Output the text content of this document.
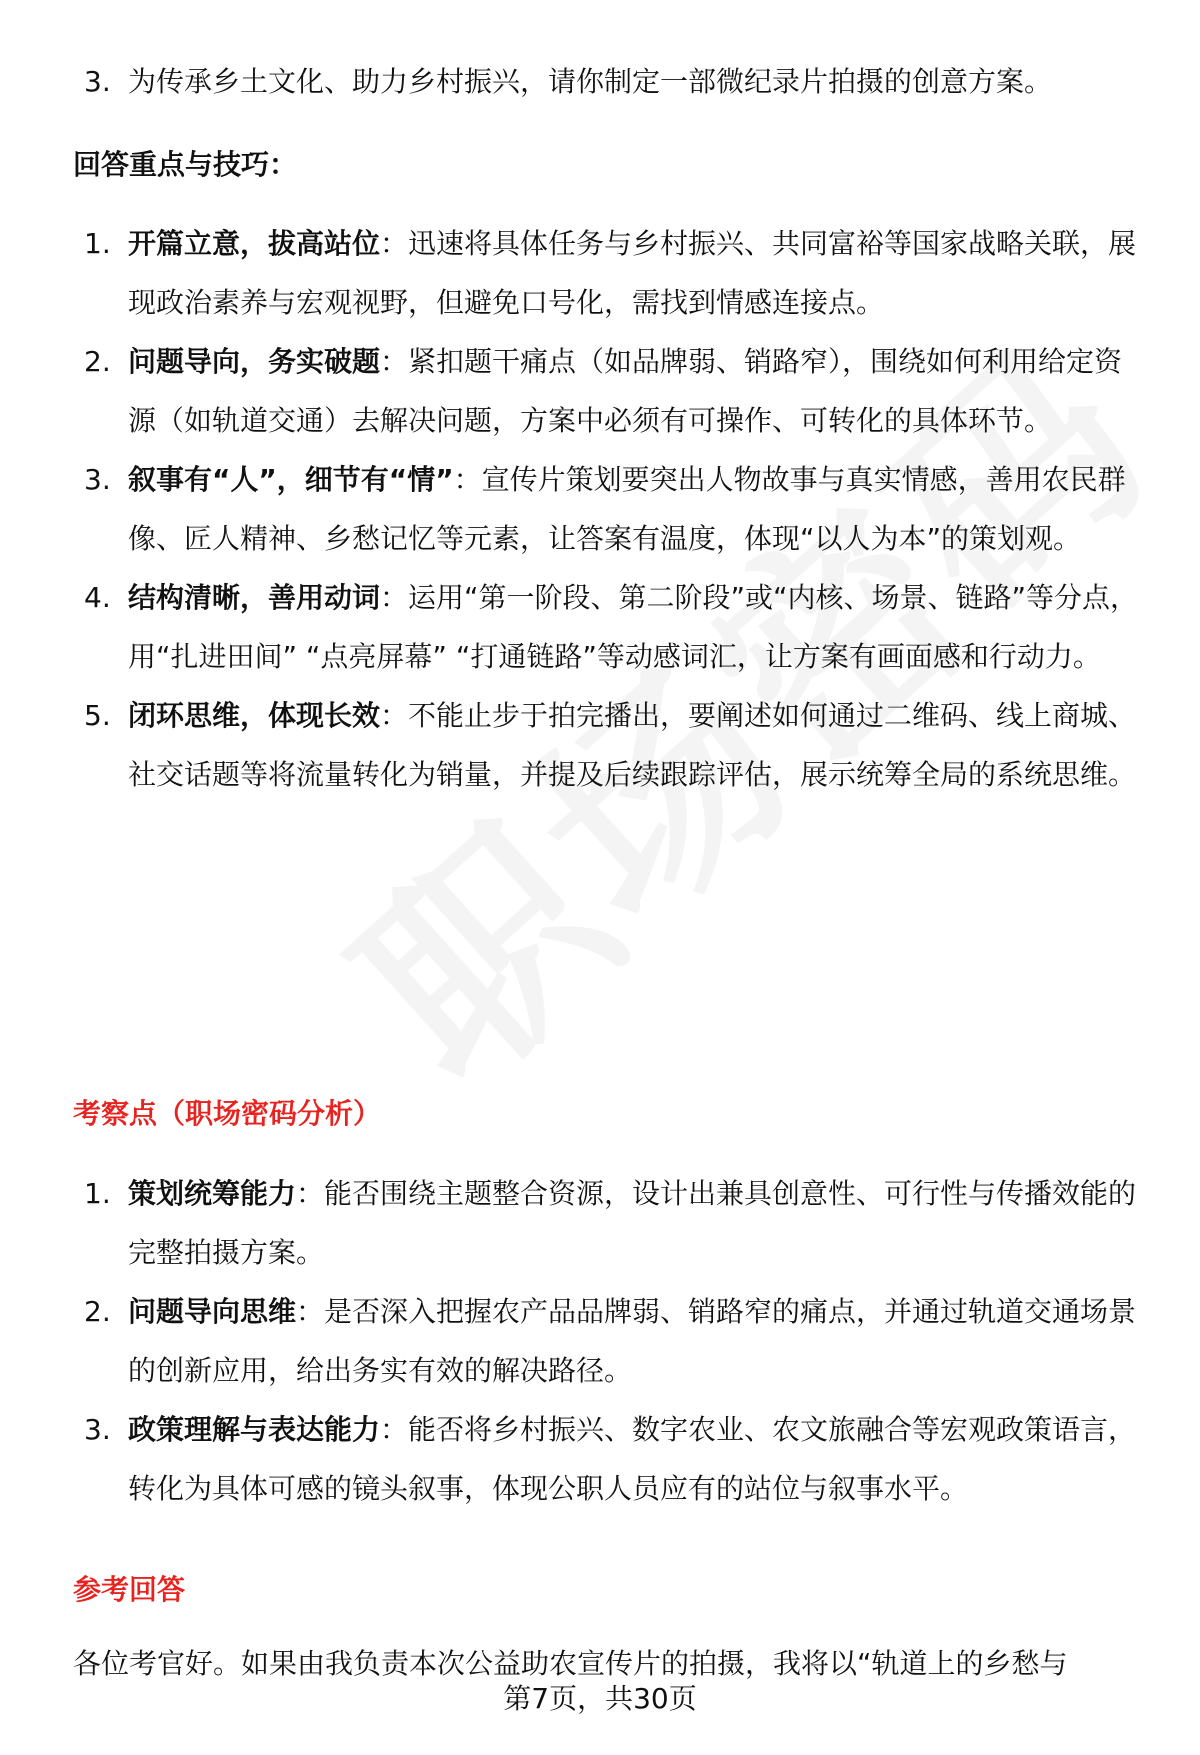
3. 为传承乡土文化、助力乡村振兴，请你制定一部微纪录片拍摄的创意方案。
回答重点与技巧：
1. 开篇立意，拔高站位：迅速将具体任务与乡村振兴、共同富裕等国家战略关联，展现政治素养与宏观视野，但避免口号化，需找到情感连接点。
2. 问题导向，务实破题：紧扣题干痛点（如品牌弱、销路窄），围绕如何利用给定资源（如轨道交通）去解决问题，方案中必须有可操作、可转化的具体环节。
3. 叙事有“人”，细节有“情”：宣传片策划要突出人物故事与真实情感，善用农民群像、匠人精神、乡愁记忆等元素，让答案有温度，体现“以人为本”的策划观。
4. 结构清晰，善用动词：运用“第一阶段、第二阶段”或“内核、场景、链路”等分点，用“扎进田间” “点亮屏幕” “打通链路”等动感词汇，让方案有画面感和行动力。
5. 闭环思维，体现长效：不能止步于拍完播出，要阐述如何通过二维码、线上商城、社交话题等将流量转化为销量，并提及后续跟踪评估，展示统筹全局的系统思维。
考察点（职场密码分析）
1. 策划统筹能力：能否围绕主题整合资源，设计出兼具创意性、可行性与传播效能的完整拍摄方案。
2. 问题导向思维：是否深入把握农产品品牌弱、销路窄的痛点，并通过轨道交通场景的创新应用，给出务实有效的解决路径。
3. 政策理解与表达能力：能否将乡村振兴、数字农业、农文旅融合等宏观政策语言，转化为具体可感的镜头叙事，体现公职人员应有的站位与叙事水平。
参考回答
各位考官好。如果由我负责本次公益助农宣传片的拍摄，我将以“轨道上的乡愁与
第7页，共30页
